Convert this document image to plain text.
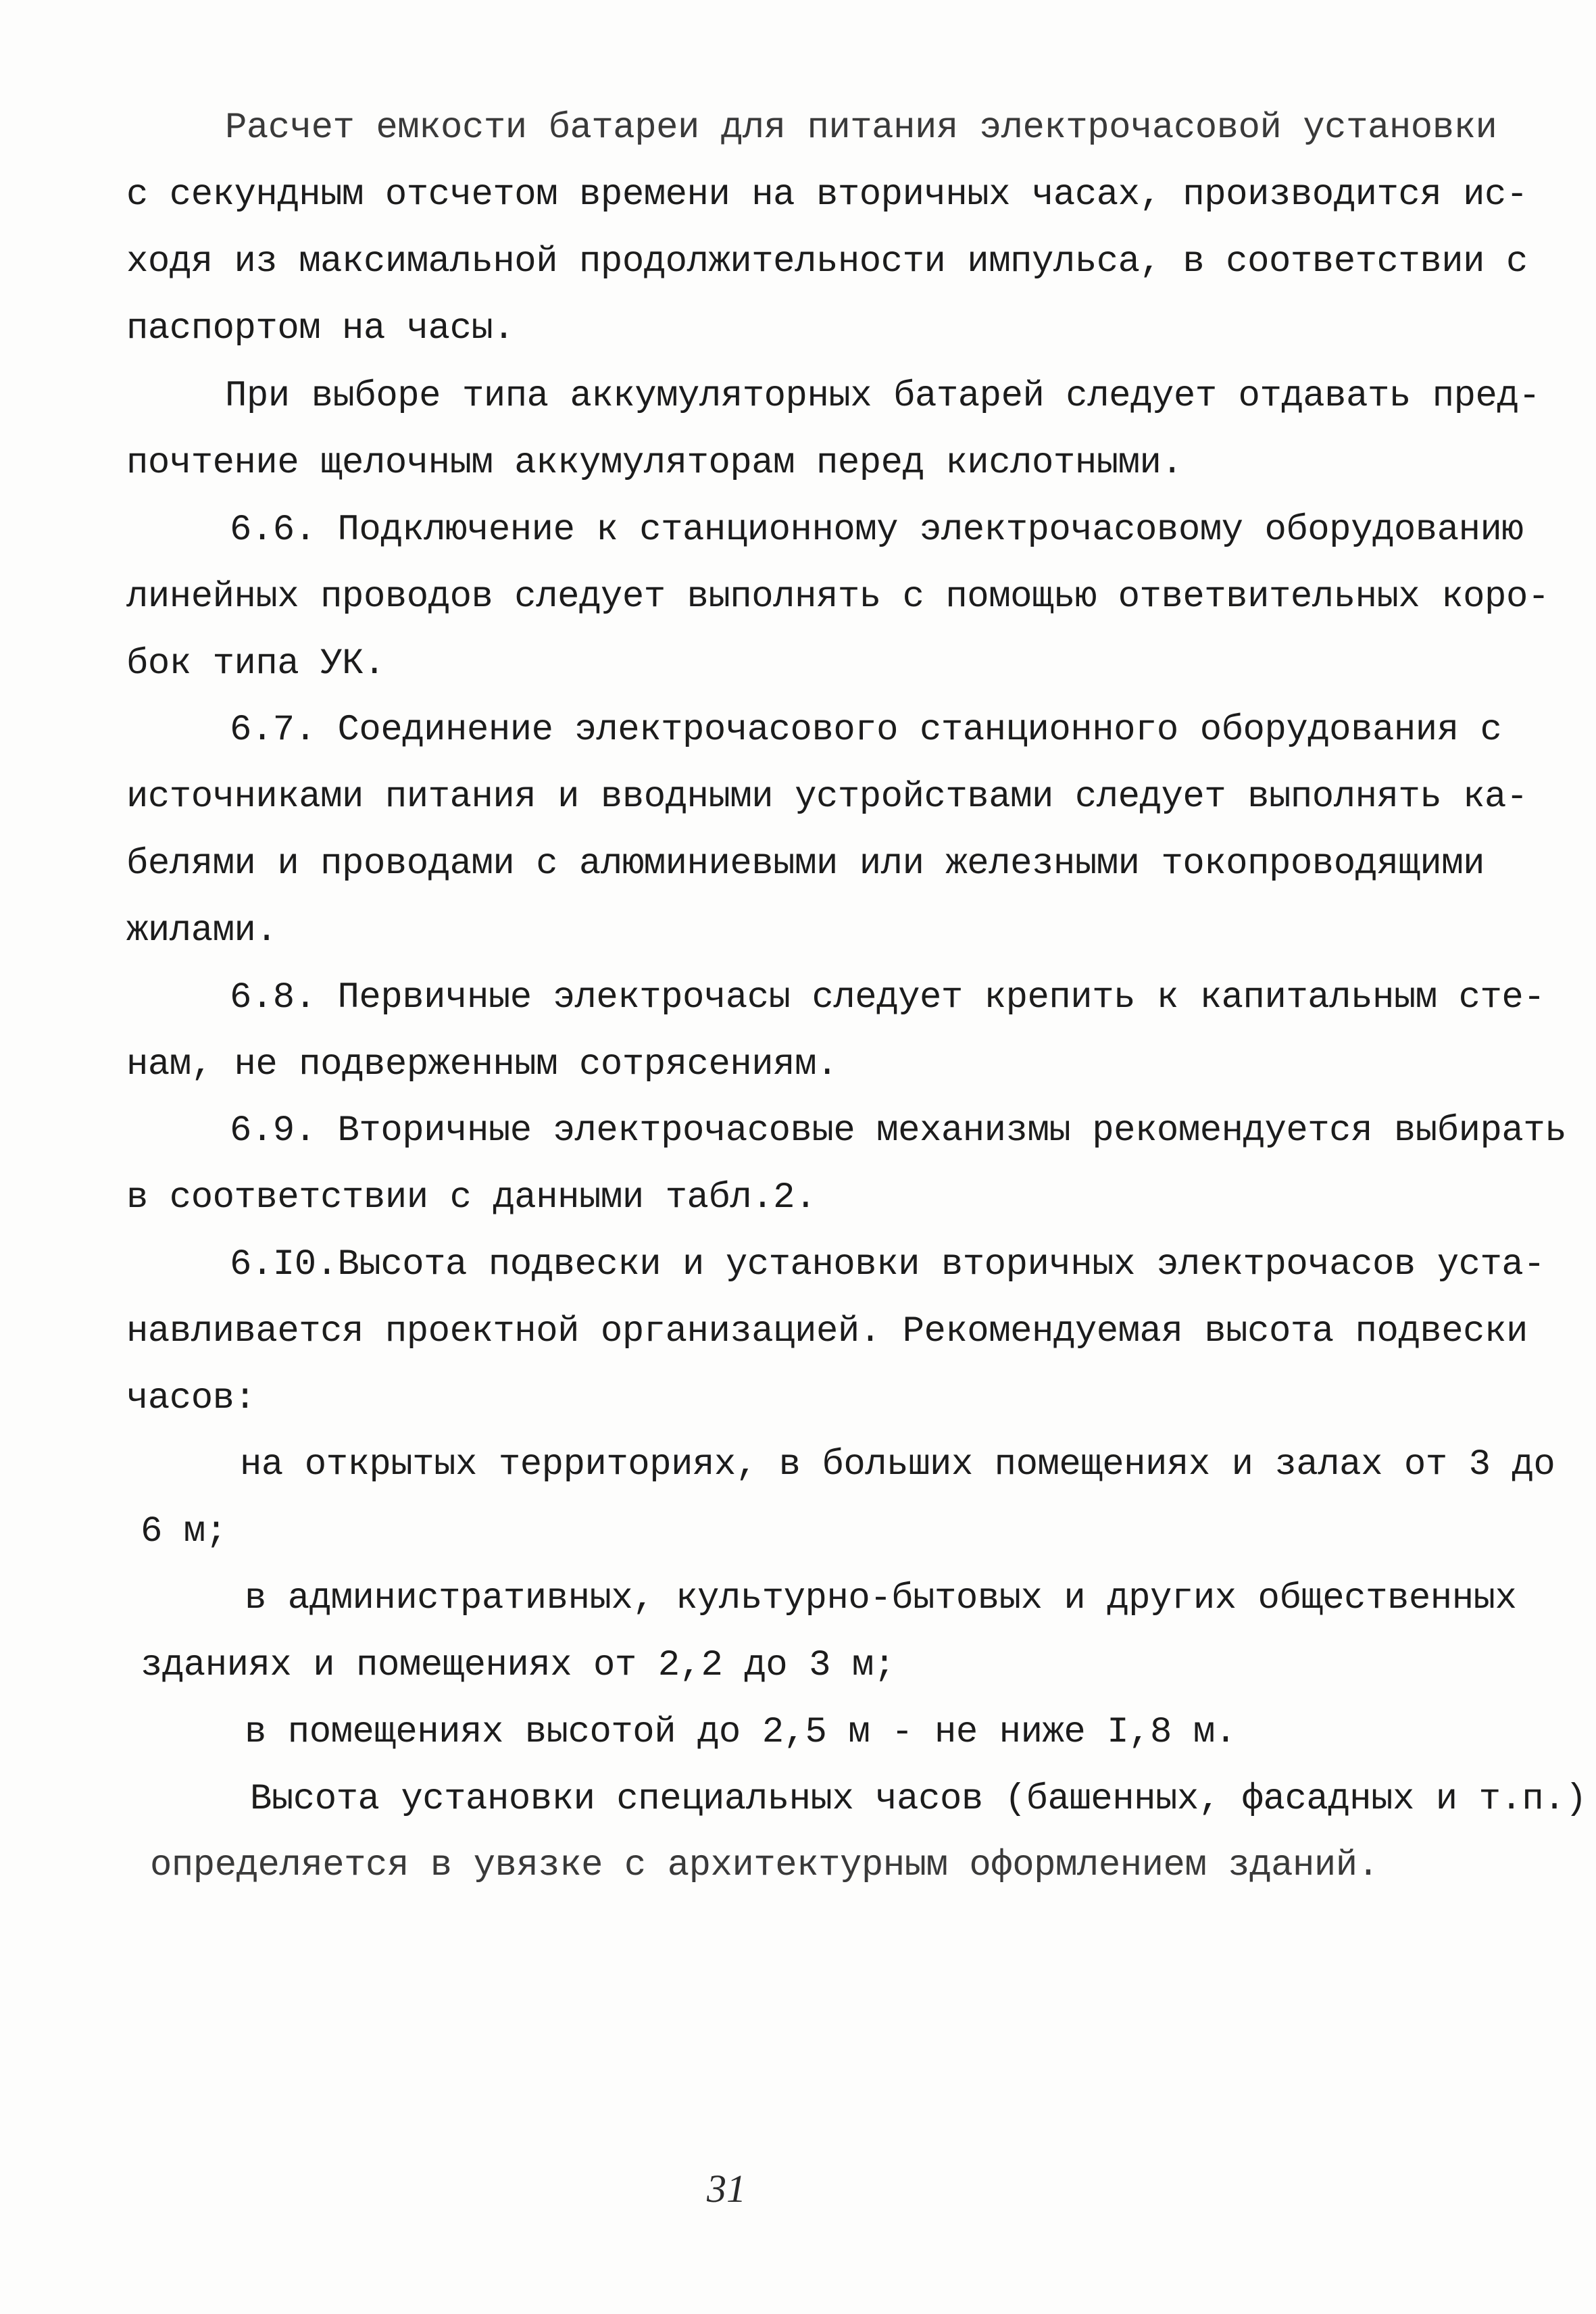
Расчет емкости батареи для питания электрочасовой установки
с секундным отсчетом времени на вторичных часах, производится ис-
ходя из максимальной продолжительности импульса, в соответствии с
паспортом на часы.
При выборе типа аккумуляторных батарей следует отдавать пред-
почтение щелочным аккумуляторам перед кислотными.
6.6. Подключение к станционному электрочасовому оборудованию
линейных проводов следует выполнять с помощью ответвительных коро-
бок типа УК.
6.7. Соединение электрочасового станционного оборудования с
источниками питания и вводными устройствами следует выполнять ка-
белями и проводами с алюминиевыми или железными токопроводящими
жилами.
6.8. Первичные электрочасы следует крепить к капитальным сте-
нам, не подверженным сотрясениям.
6.9. Вторичные электрочасовые механизмы рекомендуется выбирать
в соответствии с данными табл.2.
6.I0.Высота подвески и установки вторичных электрочасов уста-
навливается проектной организацией. Рекомендуемая высота подвески
часов:
на открытых территориях, в больших помещениях и залах от 3 до
6 м;
в административных, культурно-бытовых и других общественных
зданиях и помещениях от 2,2 до 3 м;
в помещениях высотой до 2,5 м - не ниже I,8 м.
Высота установки специальных часов (башенных, фасадных и т.п.)
определяется в увязке с архитектурным оформлением зданий.
31
